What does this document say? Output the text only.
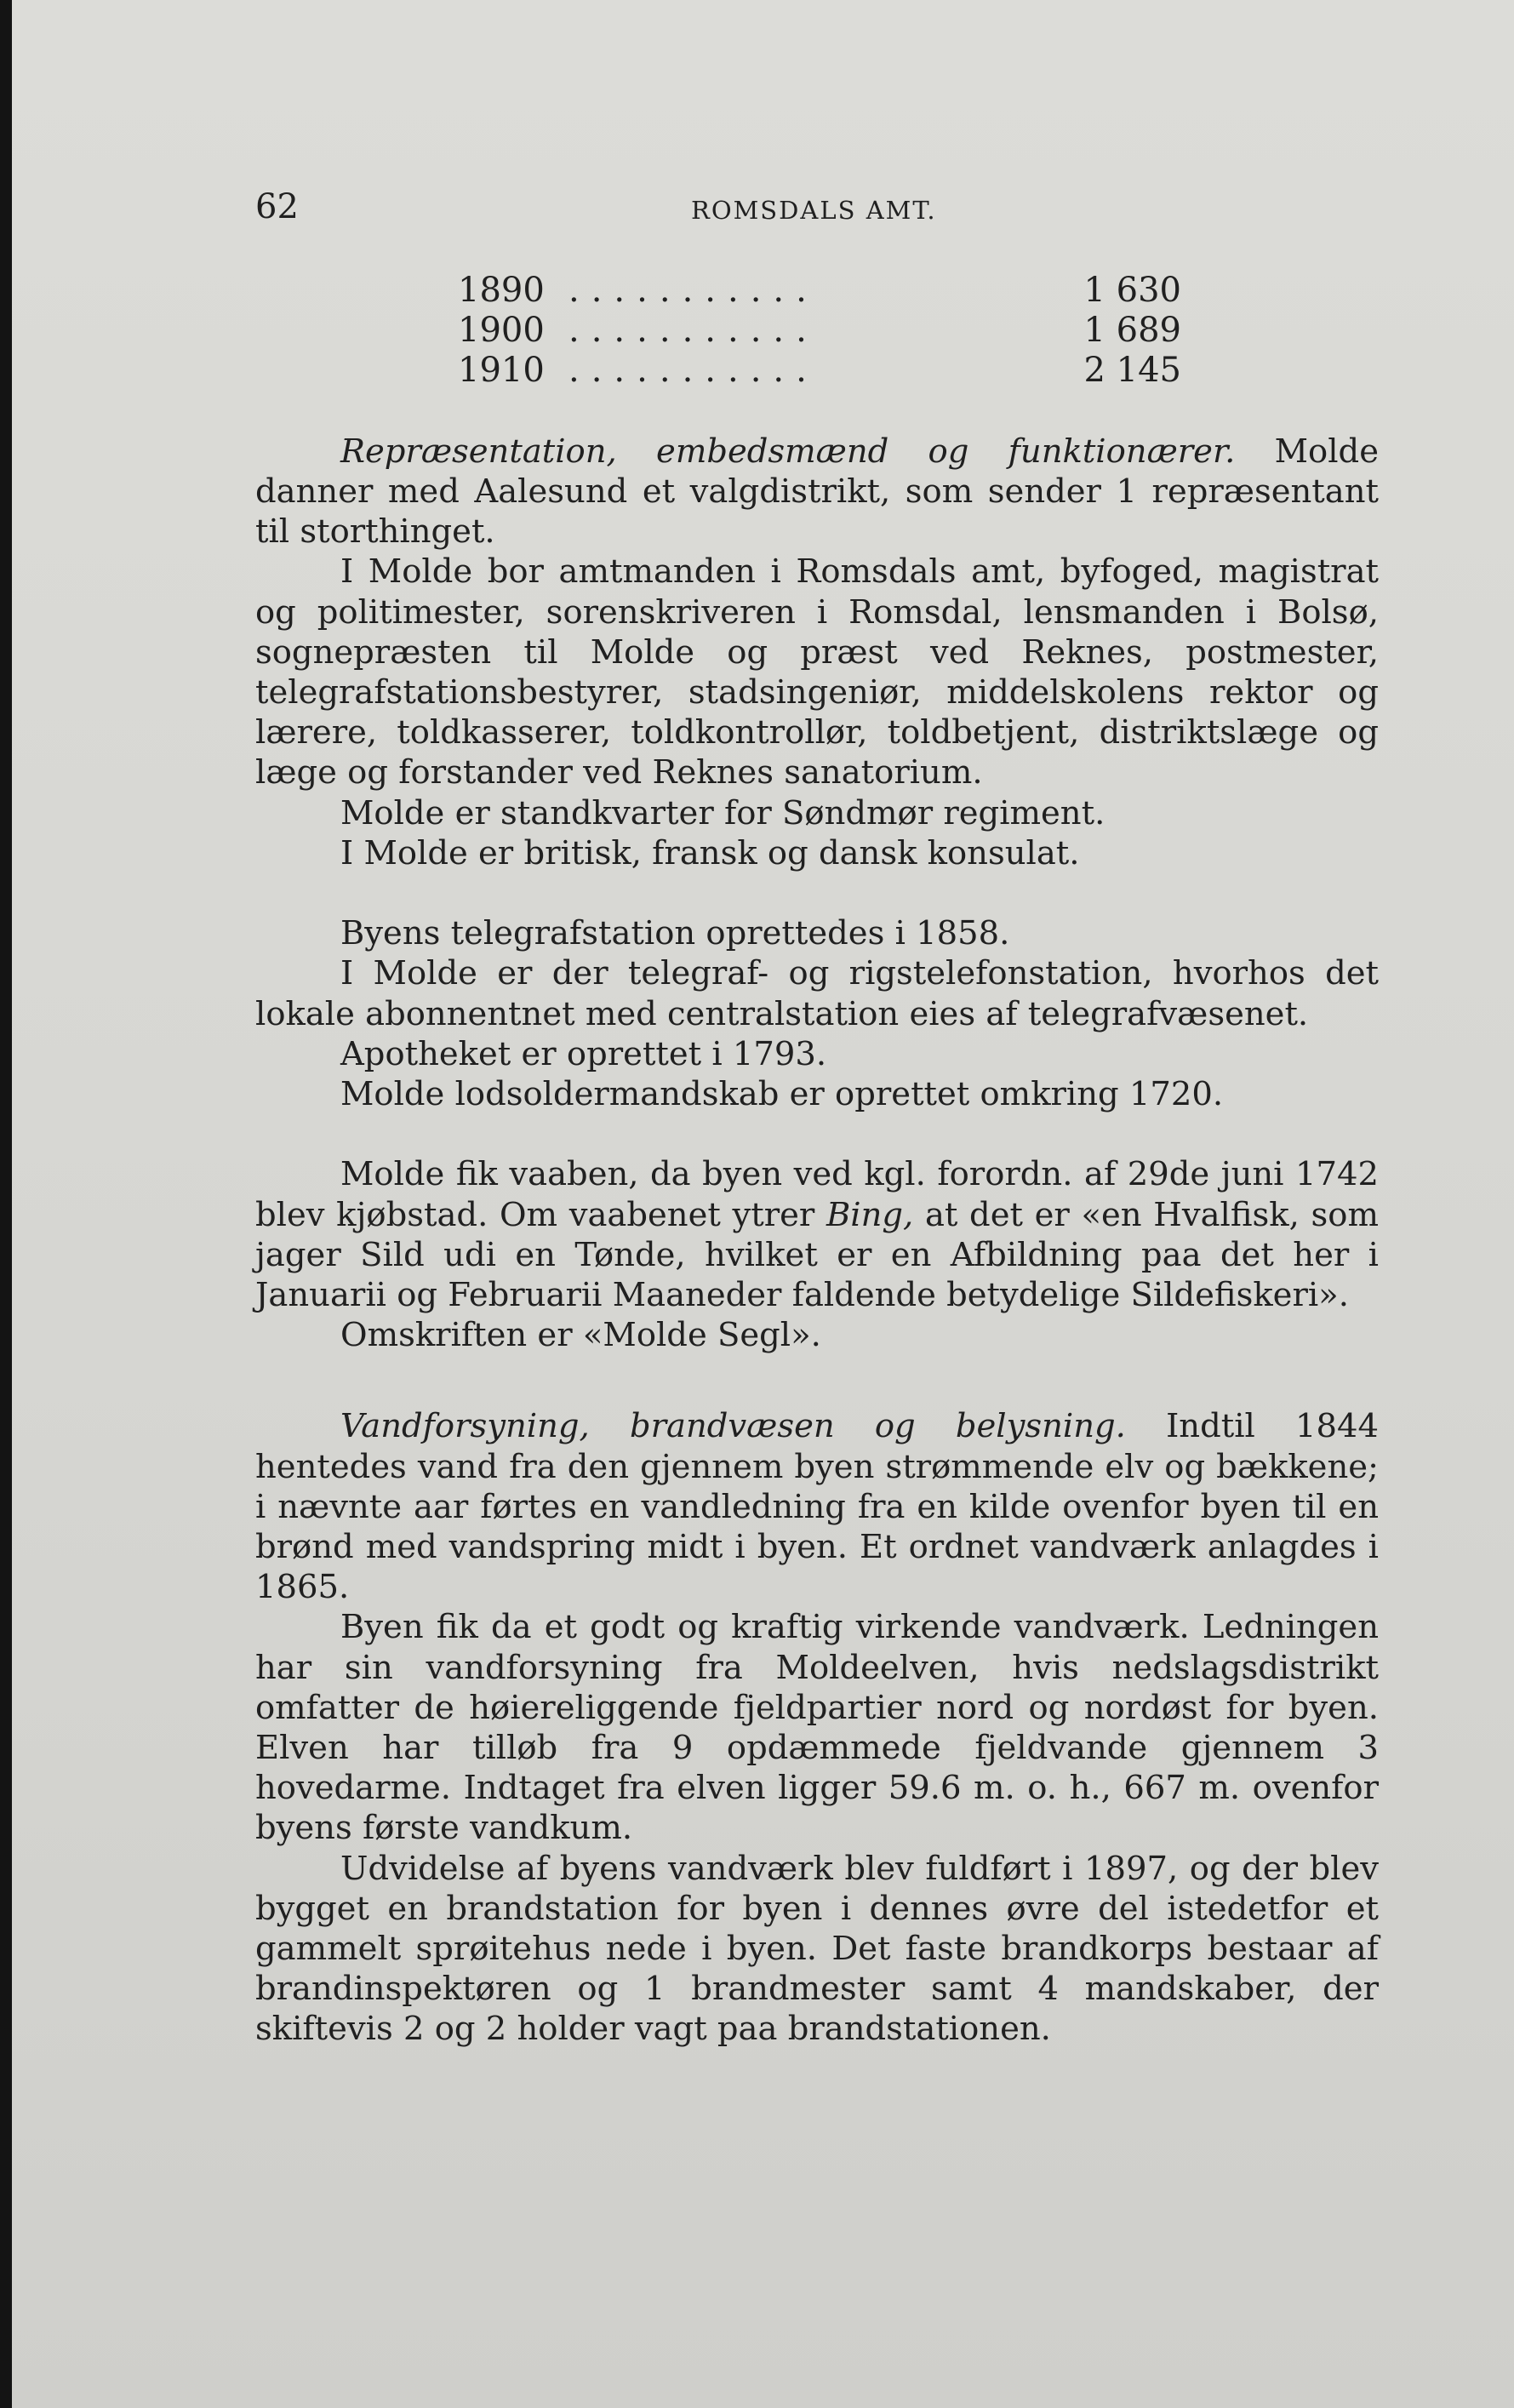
62	ROMSDALS AMT.
1890 ...........	1 630
1900 ...........	1 689
1910 ...........	2 145

Repræsentation, embedsmænd og funktionærer. Molde danner med Aalesund et valgdistrikt, som sender 1 repræsentant til storthinget.

I Molde bor amtmanden i Romsdals amt, byfoged, magistrat og politimester, sorenskriveren i Romsdal, lensmanden i Bolsø, sognepræsten til Molde og præst ved Reknes, postmester, telegrafstationsbestyrer, stadsingeniør, middelskolens rektor og lærere, toldkasserer, toldkontrollør, toldbetjent, distriktslæge og læge og forstander ved Reknes sanatorium.

Molde er standkvarter for Søndmør regiment.

I Molde er britisk, fransk og dansk konsulat.

Byens telegrafstation oprettedes i 1858.

I Molde er der telegraf- og rigstelefonstation, hvorhos det lokale abonnentnet med centralstation eies af telegrafvæsenet.

Apotheket er oprettet i 1793.

Molde lodsoldermandskab er oprettet omkring 1720.

Molde fik vaaben, da byen ved kgl. forordn. af 29de juni 1742 blev kjøbstad. Om vaabenet ytrer Bing, at det er «en Hvalfisk, som jager Sild udi en Tønde, hvilket er en Afbildning paa det her i Januarii og Februarii Maaneder faldende betydelige Sildefiskeri».

Omskriften er «Molde Segl».

Vandforsyning, brandvæsen og belysning. Indtil 1844 hentedes vand fra den gjennem byen strømmende elv og bækkene; i nævnte aar førtes en vandledning fra en kilde ovenfor byen til en brønd med vandspring midt i byen. Et ordnet vandværk anlagdes i 1865.

Byen fik da et godt og kraftig virkende vandværk. Ledningen har sin vandforsyning fra Moldeelven, hvis nedslagsdistrikt omfatter de høiereliggende fjeldpartier nord og nordøst for byen. Elven har tilløb fra 9 opdæmmede fjeldvande gjennem 3 hovedarme. Indtaget fra elven ligger 59.6 m. o. h., 667 m. ovenfor byens første vandkum.

Udvidelse af byens vandværk blev fuldført i 1897, og der blev bygget en brandstation for byen i dennes øvre del istedetfor et gammelt sprøitehus nede i byen. Det faste brandkorps bestaar af brandinspektøren og 1 brandmester samt 4 mandskaber, der skiftevis 2 og 2 holder vagt paa brandstationen.
